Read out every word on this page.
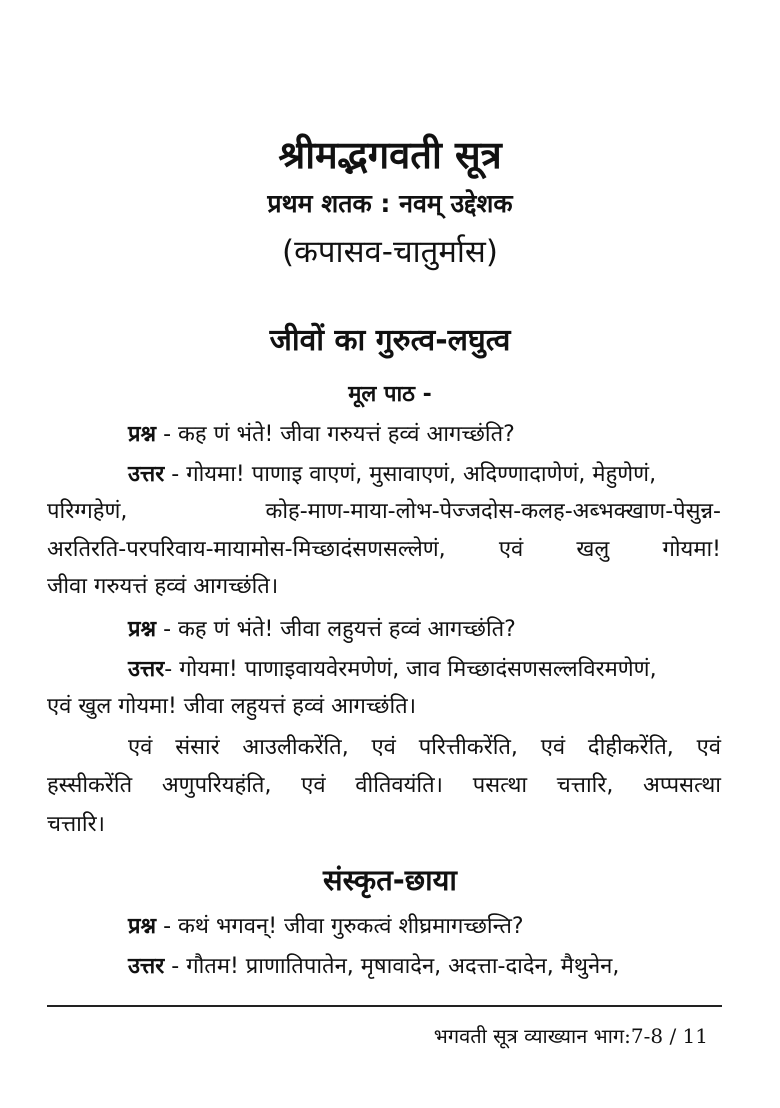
श्रीमद्भगवती सूत्र
प्रथम शतक : नवम् उद्देशक
(कपासव-चातुर्मास)
जीवों का गुरुत्व-लघुत्व
मूल पाठ -
प्रश्न - कह णं भंते! जीवा गरुयत्तं हव्वं आगच्छंति?
उत्तर - गोयमा! पाणाइ वाएणं, मुसावाएणं, अदिण्णादाणेणं, मेहुणेणं,
परिग्गहेणं, कोह-माण-माया-लोभ-पेज्जदोस-कलह-अब्भक्खाण-पेसुन्न-
अरतिरति-परपरिवाय-मायामोस-मिच्छादंसणसल्लेणं, एवं खलु गोयमा!
जीवा गरुयत्तं हव्वं आगच्छंति।
प्रश्न - कह णं भंते! जीवा लहुयत्तं हव्वं आगच्छंति?
उत्तर- गोयमा! पाणाइवायवेरमणेणं, जाव मिच्छादंसणसल्लविरमणेणं,
एवं खुल गोयमा! जीवा लहुयत्तं हव्वं आगच्छंति।
एवं संसारं आउलीकरेंति, एवं परित्तीकरेंति, एवं दीहीकरेंति, एवं
हस्सीकरेंति अणुपरियहंति, एवं वीतिवयंति। पसत्था चत्तारि, अप्पसत्था
चत्तारि।
संस्कृत-छाया
प्रश्न - कथं भगवन्! जीवा गुरुकत्वं शीघ्रमागच्छन्ति?
उत्तर - गौतम! प्राणातिपातेन, मृषावादेन, अदत्ता-दादेन, मैथुनेन,
भगवती सूत्र व्याख्यान भाग:7-8 / 11
